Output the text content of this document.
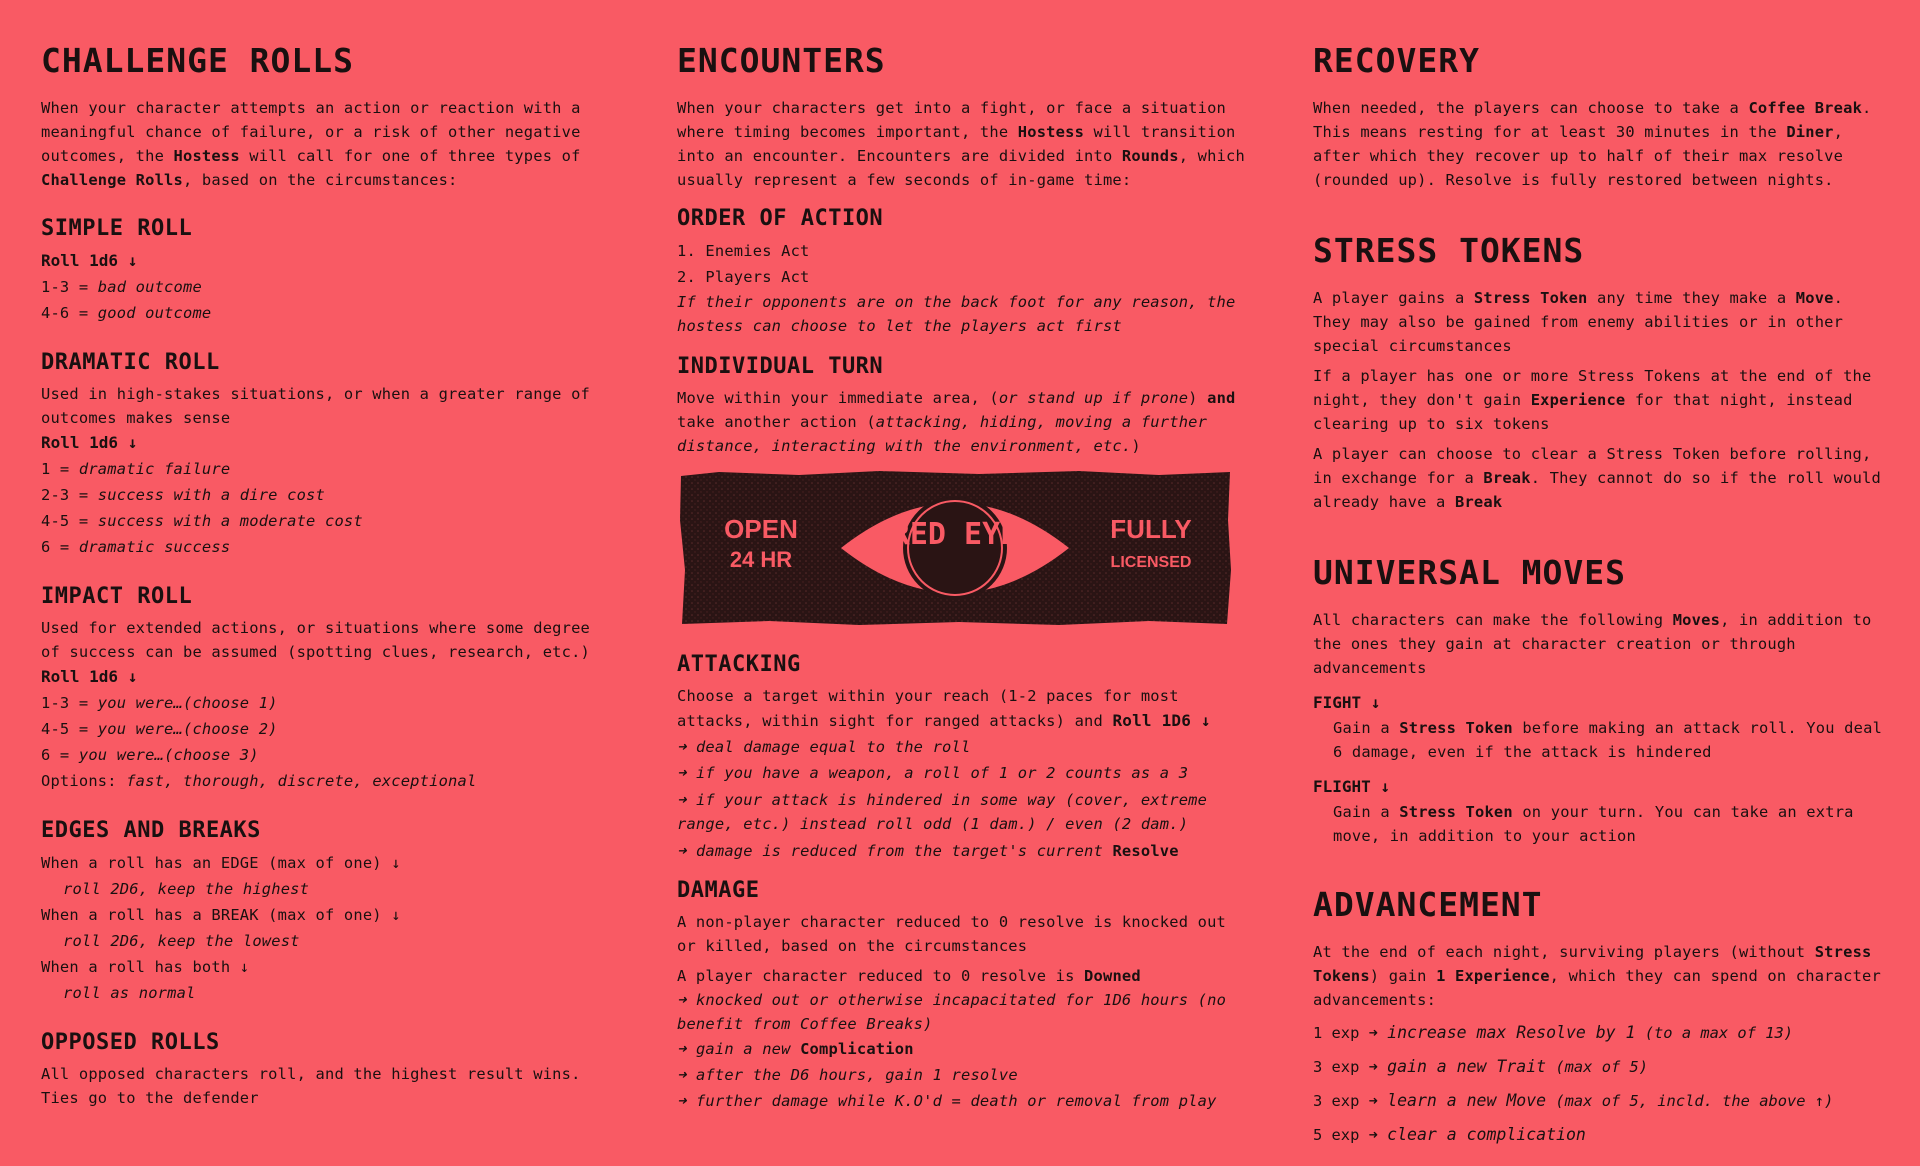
CHALLENGE ROLLS

When your character attempts an action or reaction with a meaningful chance of failure, or a risk of other negative outcomes, the Hostess will call for one of three types of Challenge Rolls, based on the circumstances:

SIMPLE ROLL
Roll 1d6 ↓
1-3 = bad outcome
4-6 = good outcome
DRAMATIC ROLL

Used in high-stakes situations, or when a greater range of outcomes makes sense

Roll 1d6 ↓
1 = dramatic failure
2-3 = success with a dire cost
4-5 = success with a moderate cost
6 = dramatic success
IMPACT ROLL

Used for extended actions, or situations where some degree of success can be assumed (spotting clues, research, etc.)

Roll 1d6 ↓
1-3 = you were…(choose 1)
4-5 = you were…(choose 2)
6 = you were…(choose 3)
Options: fast, thorough, discrete, exceptional
EDGES AND BREAKS
When a roll has an EDGE (max of one) ↓
roll 2D6, keep the highest
When a roll has a BREAK (max of one) ↓
roll 2D6, keep the lowest
When a roll has both ↓
roll as normal
OPPOSED ROLLS

All opposed characters roll, and the highest result wins. Ties go to the defender

ENCOUNTERS

When your characters get into a fight, or face a situation where timing becomes important, the Hostess will transition into an encounter. Encounters are divided into Rounds, which usually represent a few seconds of in-game time:

ORDER OF ACTION
1. Enemies Act
2. Players Act

If their opponents are on the back foot for any reason, the hostess can choose to let the players act first

INDIVIDUAL TURN

Move within your immediate area, (or stand up if prone) and take another action (attacking, hiding, moving a further distance, interacting with the environment, etc.)

ATTACKING

Choose a target within your reach (1-2 paces for most attacks, within sight for ranged attacks) and Roll 1D6 ↓

➜ deal damage equal to the roll
➜ if you have a weapon, a roll of 1 or 2 counts as a 3
➜ if your attack is hindered in some way (cover, extreme range, etc.) instead roll odd (1 dam.) / even (2 dam.)
➜ damage is reduced from the target's current Resolve
DAMAGE

A non-player character reduced to 0 resolve is knocked out or killed, based on the circumstances

A player character reduced to 0 resolve is Downed

➜ knocked out or otherwise incapacitated for 1D6 hours (no benefit from Coffee Breaks)
➜ gain a new Complication
➜ after the D6 hours, gain 1 resolve
➜ further damage while K.O'd = death or removal from play
RED EYE
OPEN
24 HR
FULLY
LICENSED
RECOVERY

When needed, the players can choose to take a Coffee Break. This means resting for at least 30 minutes in the Diner, after which they recover up to half of their max resolve (rounded up). Resolve is fully restored between nights.

STRESS TOKENS

A player gains a Stress Token any time they make a Move. They may also be gained from enemy abilities or in other special circumstances

If a player has one or more Stress Tokens at the end of the night, they don't gain Experience for that night, instead clearing up to six tokens

A player can choose to clear a Stress Token before rolling, in exchange for a Break. They cannot do so if the roll would already have a Break

UNIVERSAL MOVES

All characters can make the following Moves, in addition to the ones they gain at character creation or through advancements

FIGHT ↓

Gain a Stress Token before making an attack roll. You deal 6 damage, even if the attack is hindered

FLIGHT ↓

Gain a Stress Token on your turn. You can take an extra move, in addition to your action

ADVANCEMENT

At the end of each night, surviving players (without Stress Tokens) gain 1 Experience, which they can spend on character advancements:

1 exp ➜ increase max Resolve by 1 (to a max of 13)
3 exp ➜ gain a new Trait (max of 5)
3 exp ➜ learn a new Move (max of 5, incld. the above ↑)
5 exp ➜ clear a complication
